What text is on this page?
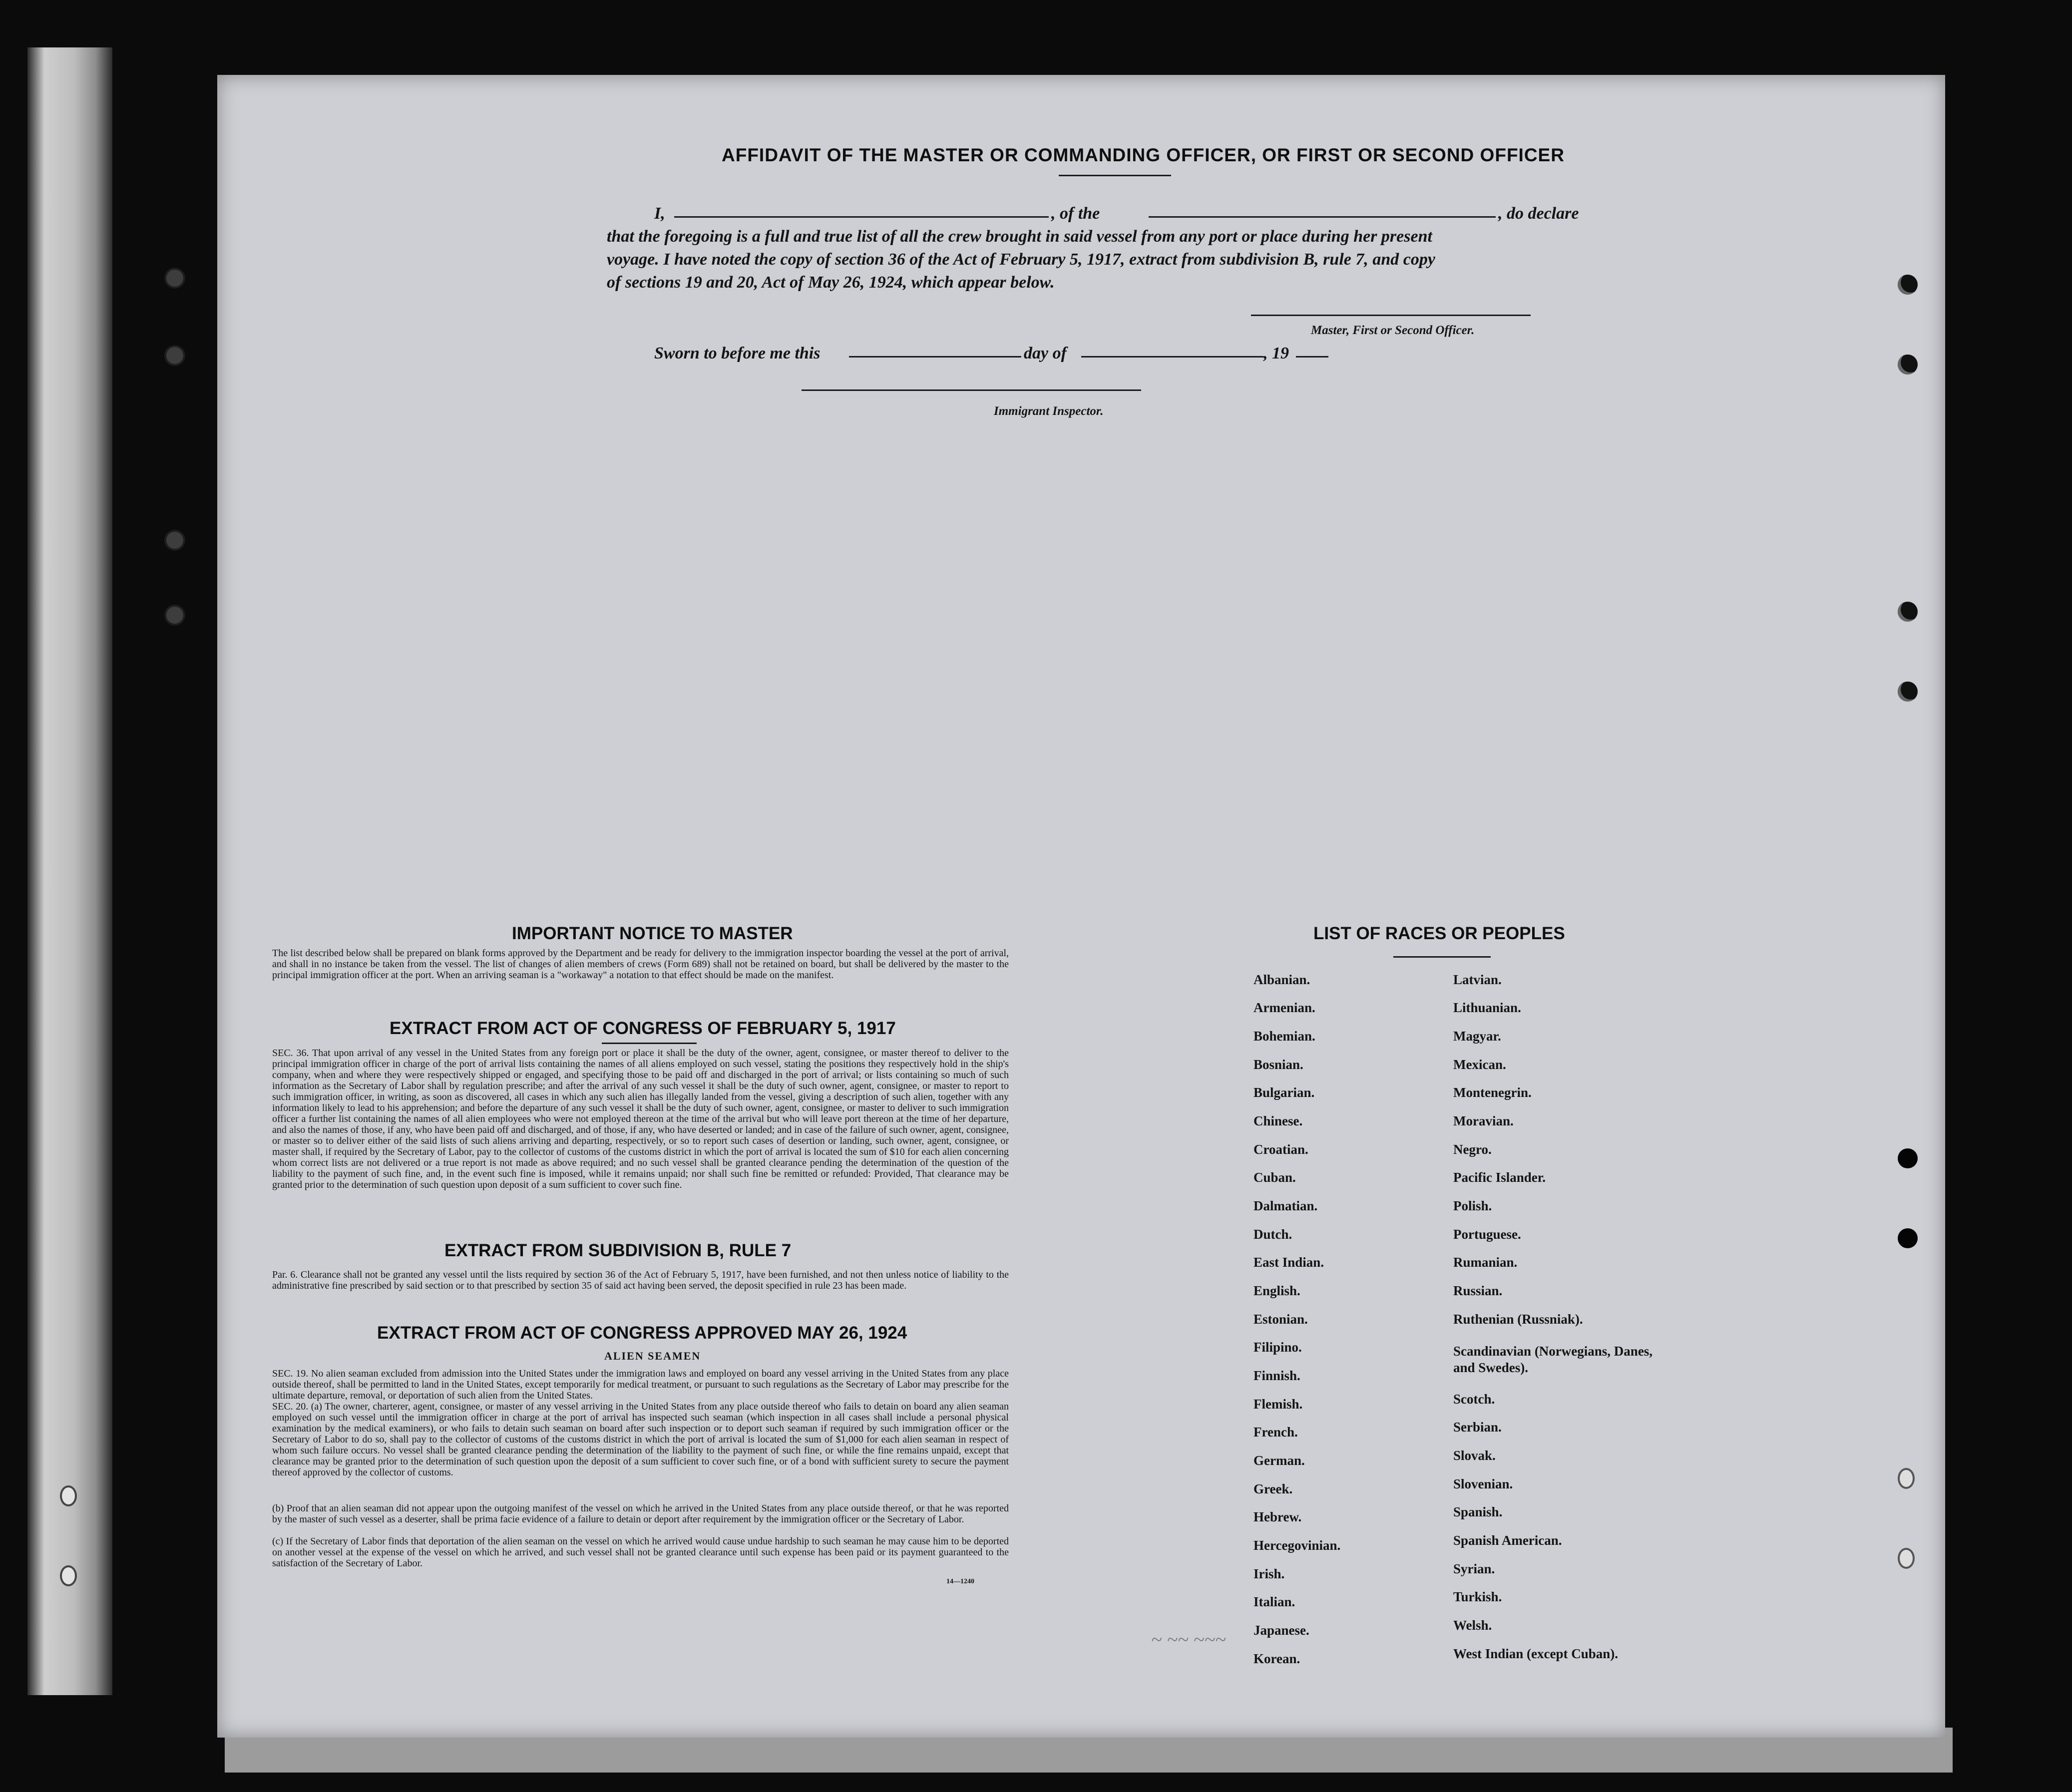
AFFIDAVIT OF THE MASTER OR COMMANDING OFFICER, OR FIRST OR SECOND OFFICER
I,	, of the	, do declare
that the foregoing is a full and true list of all the crew brought in said vessel from any port or place during her present
voyage. I have noted the copy of section 36 of the Act of February 5, 1917, extract from subdivision B, rule 7, and copy
of sections 19 and 20, Act of May 26, 1924, which appear below.
Master, First or Second Officer.
Sworn to before me this	day of	, 19
Immigrant Inspector.
IMPORTANT NOTICE TO MASTER
The list described below shall be prepared on blank forms approved by the Department and be ready for delivery to the immigration inspector boarding the vessel at the port of arrival, and shall in no instance be taken from the vessel. The list of changes of alien members of crews (Form 689) shall not be retained on board, but shall be delivered by the master to the principal immigration officer at the port. When an arriving seaman is a "workaway" a notation to that effect should be made on the manifest.
EXTRACT FROM ACT OF CONGRESS OF FEBRUARY 5, 1917
SEC. 36. That upon arrival of any vessel in the United States from any foreign port or place it shall be the duty of the owner, agent, consignee, or master thereof to deliver to the principal immigration officer in charge of the port of arrival lists containing the names of all aliens employed on such vessel, stating the positions they respectively hold in the ship's company, when and where they were respectively shipped or engaged, and specifying those to be paid off and discharged in the port of arrival; or lists containing so much of such information as the Secretary of Labor shall by regulation prescribe; and after the arrival of any such vessel it shall be the duty of such owner, agent, consignee, or master to report to such immigration officer, in writing, as soon as discovered, all cases in which any such alien has illegally landed from the vessel, giving a description of such alien, together with any information likely to lead to his apprehension; and before the departure of any such vessel it shall be the duty of such owner, agent, consignee, or master to deliver to such immigration officer a further list containing the names of all alien employees who were not employed thereon at the time of the arrival but who will leave port thereon at the time of her departure, and also the names of those, if any, who have been paid off and discharged, and of those, if any, who have deserted or landed; and in case of the failure of such owner, agent, consignee, or master so to deliver either of the said lists of such aliens arriving and departing, respectively, or so to report such cases of desertion or landing, such owner, agent, consignee, or master shall, if required by the Secretary of Labor, pay to the collector of customs of the customs district in which the port of arrival is located the sum of $10 for each alien concerning whom correct lists are not delivered or a true report is not made as above required; and no such vessel shall be granted clearance pending the determination of the question of the liability to the payment of such fine, and, in the event such fine is imposed, while it remains unpaid; nor shall such fine be remitted or refunded: Provided, That clearance may be granted prior to the determination of such question upon deposit of a sum sufficient to cover such fine.
EXTRACT FROM SUBDIVISION B, RULE 7
Par. 6. Clearance shall not be granted any vessel until the lists required by section 36 of the Act of February 5, 1917, have been furnished, and not then unless notice of liability to the administrative fine prescribed by said section or to that prescribed by section 35 of said act having been served, the deposit specified in rule 23 has been made.
EXTRACT FROM ACT OF CONGRESS APPROVED MAY 26, 1924
ALIEN SEAMEN
SEC. 19. No alien seaman excluded from admission into the United States under the immigration laws and employed on board any vessel arriving in the United States from any place outside thereof, shall be permitted to land in the United States, except temporarily for medical treatment, or pursuant to such regulations as the Secretary of Labor may prescribe for the ultimate departure, removal, or deportation of such alien from the United States.
SEC. 20. (a) The owner, charterer, agent, consignee, or master of any vessel arriving in the United States from any place outside thereof who fails to detain on board any alien seaman employed on such vessel until the immigration officer in charge at the port of arrival has inspected such seaman (which inspection in all cases shall include a personal physical examination by the medical examiners), or who fails to detain such seaman on board after such inspection or to deport such seaman if required by such immigration officer or the Secretary of Labor to do so, shall pay to the collector of customs of the customs district in which the port of arrival is located the sum of $1,000 for each alien seaman in respect of whom such failure occurs. No vessel shall be granted clearance pending the determination of the liability to the payment of such fine, or while the fine remains unpaid, except that clearance may be granted prior to the determination of such question upon the deposit of a sum sufficient to cover such fine, or of a bond with sufficient surety to secure the payment thereof approved by the collector of customs.
(b) Proof that an alien seaman did not appear upon the outgoing manifest of the vessel on which he arrived in the United States from any place outside thereof, or that he was reported by the master of such vessel as a deserter, shall be prima facie evidence of a failure to detain or deport after requirement by the immigration officer or the Secretary of Labor.
(c) If the Secretary of Labor finds that deportation of the alien seaman on the vessel on which he arrived would cause undue hardship to such seaman he may cause him to be deported on another vessel at the expense of the vessel on which he arrived, and such vessel shall not be granted clearance until such expense has been paid or its payment guaranteed to the satisfaction of the Secretary of Labor.
14—1240
~ ~~ ~~~
LIST OF RACES OR PEOPLES
Albanian.
Armenian.
Bohemian.
Bosnian.
Bulgarian.
Chinese.
Croatian.
Cuban.
Dalmatian.
Dutch.
East Indian.
English.
Estonian.
Filipino.
Finnish.
Flemish.
French.
German.
Greek.
Hebrew.
Hercegovinian.
Irish.
Italian.
Japanese.
Korean.
Latvian.
Lithuanian.
Magyar.
Mexican.
Montenegrin.
Moravian.
Negro.
Pacific Islander.
Polish.
Portuguese.
Rumanian.
Russian.
Ruthenian (Russniak).
Scandinavian (Norwegians, Danes, and Swedes).
Scotch.
Serbian.
Slovak.
Slovenian.
Spanish.
Spanish American.
Syrian.
Turkish.
Welsh.
West Indian (except Cuban).
